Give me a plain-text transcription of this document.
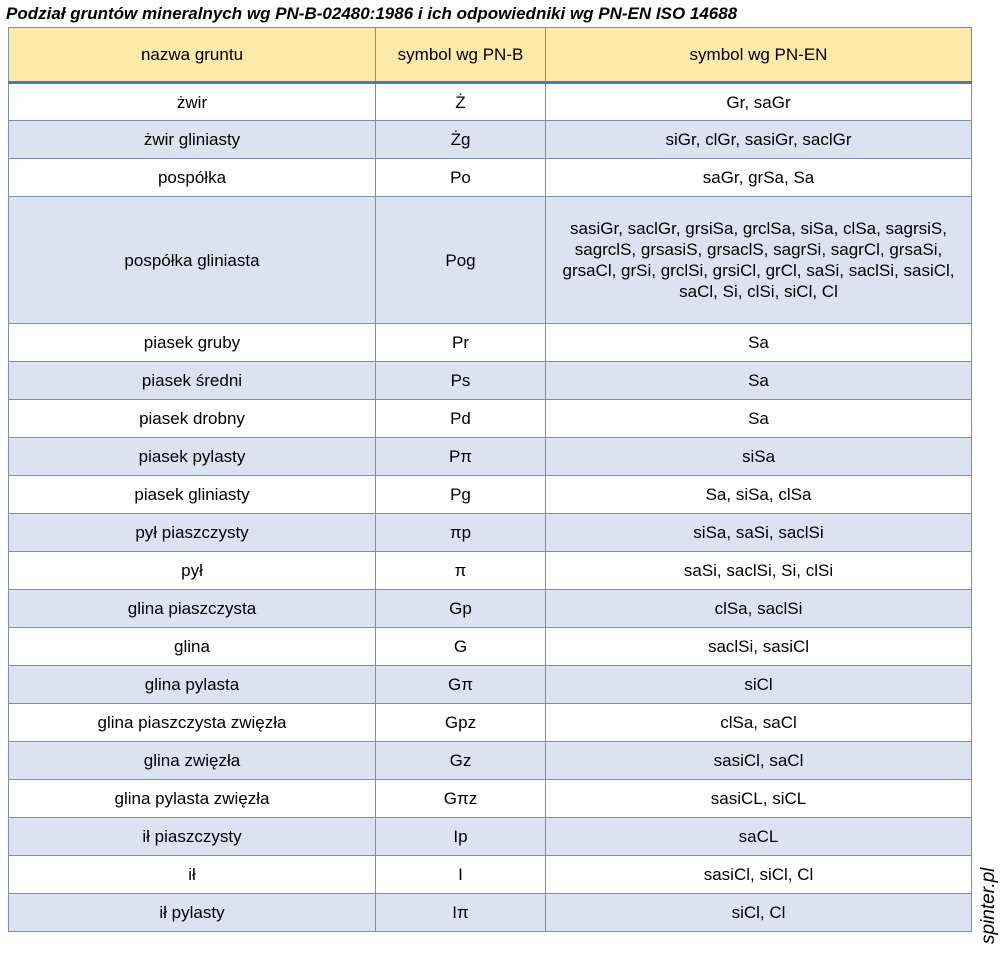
Podział gruntów mineralnych wg PN-B-02480:1986 i ich odpowiedniki wg PN-EN ISO 14688
nazwa gruntu	symbol wg PN-B	symbol wg PN-EN
żwir	Ż	Gr, saGr
żwir gliniasty	Żg	siGr, clGr, sasiGr, saclGr
pospółka	Po	saGr, grSa, Sa
pospółka gliniasta	Pog	sasiGr, saclGr, grsiSa, grclSa, siSa, clSa, sagrsiS, sagrclS, grsasiS, grsaclS, sagrSi, sagrCl, grsaSi, grsaCl, grSi, grclSi, grsiCl, grCl, saSi, saclSi, sasiCl, saCl, Si, clSi, siCl, Cl
piasek gruby	Pr	Sa
piasek średni	Ps	Sa
piasek drobny	Pd	Sa
piasek pylasty	Pπ	siSa
piasek gliniasty	Pg	Sa, siSa, clSa
pył piaszczysty	πp	siSa, saSi, saclSi
pył	π	saSi, saclSi, Si, clSi
glina piaszczysta	Gp	clSa, saclSi
glina	G	saclSi, sasiCl
glina pylasta	Gπ	siCl
glina piaszczysta zwięzła	Gpz	clSa, saCl
glina zwięzła	Gz	sasiCl, saCl
glina pylasta zwięzła	Gπz	sasiCL, siCL
ił piaszczysty	Ip	saCL
ił	I	sasiCl, siCl, Cl
ił pylasty	Iπ	siCl, Cl	spinter.pl
